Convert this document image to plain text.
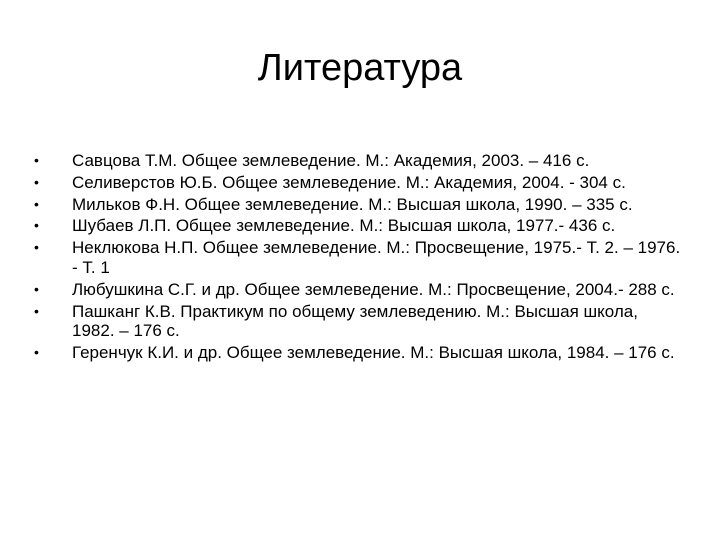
Литература
•	Савцова Т.М. Общее землеведение. М.: Академия, 2003. – 416 с.
•	Селиверстов Ю.Б. Общее землеведение. М.: Академия, 2004. - 304 с.
•	Мильков Ф.Н. Общее землеведение. М.: Высшая школа, 1990. – 335 с.
•	Шубаев Л.П. Общее землеведение. М.: Высшая школа, 1977.- 436 с.
•	Неклюкова Н.П. Общее землеведение. М.: Просвещение, 1975.- Т. 2. – 1976. - Т. 1
•	Любушкина С.Г. и др. Общее землеведение. М.: Просвещение, 2004.- 288 с.
•	Пашканг К.В. Практикум по общему землеведению. М.: Высшая школа, 1982. – 176 с.
•	Геренчук К.И. и др. Общее землеведение. М.: Высшая школа, 1984. – 176 с.
